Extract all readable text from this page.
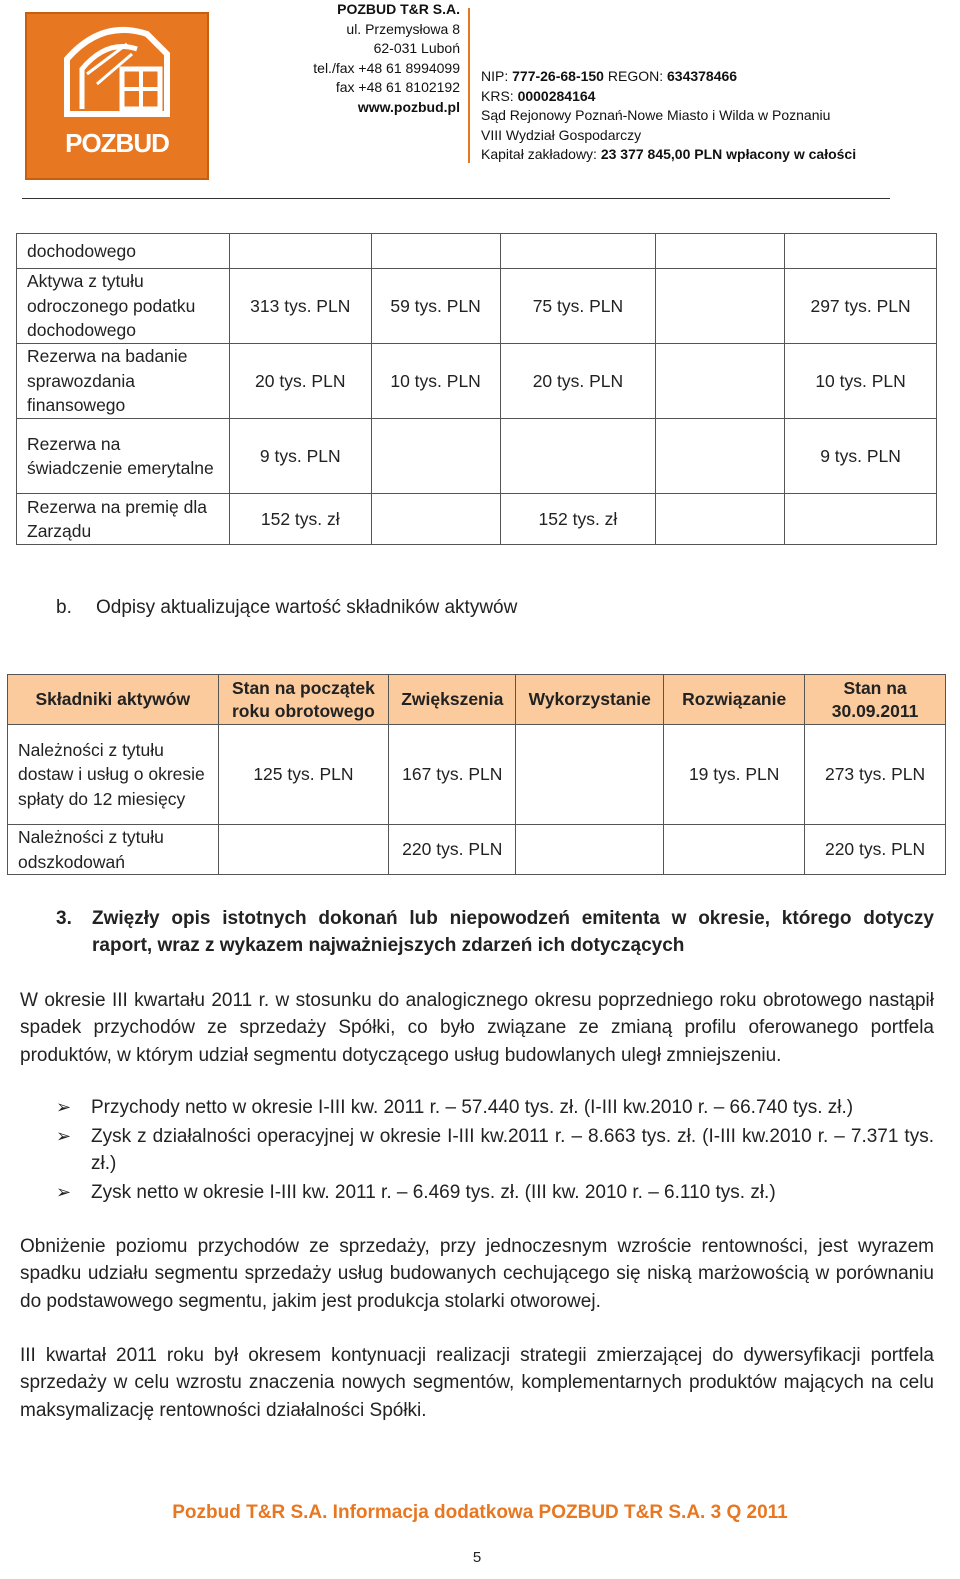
POZBUD
POZBUD T&R S.A.
ul. Przemysłowa 8
62-031 Luboń
tel./fax +48 61 8994099
fax +48 61 8102192
www.pozbud.pl
NIP: 777-26-68-150 REGON: 634378466
KRS: 0000284164
Sąd Rejonowy Poznań-Nowe Miasto i Wilda w Poznaniu
VIII Wydział Gospodarczy
Kapitał zakładowy: 23 377 845,00 PLN wpłacony w całości
dochodowego					
Aktywa z tytułu odroczonego podatku dochodowego	313 tys. PLN	59 tys. PLN	75 tys. PLN		297 tys. PLN
Rezerwa na badanie sprawozdania finansowego	20 tys. PLN	10 tys. PLN	20 tys. PLN		10 tys. PLN
Rezerwa na świadczenie emerytalne	9 tys. PLN				9 tys. PLN
Rezerwa na premię dla Zarządu	152 tys. zł		152 tys. zł		
b. Odpisy aktualizujące wartość składników aktywów
Składniki aktywów	Stan na początek roku obrotowego	Zwiększenia	Wykorzystanie	Rozwiązanie	Stan na 30.09.2011
Należności z tytułu dostaw i usług o okresie spłaty do 12 miesięcy	125 tys. PLN	167 tys. PLN		19 tys. PLN	273 tys. PLN
Należności z tytułu odszkodowań		220 tys. PLN			220 tys. PLN
3. Zwięzły opis istotnych dokonań lub niepowodzeń emitenta w okresie, którego dotyczy raport, wraz z wykazem najważniejszych zdarzeń ich dotyczących

W okresie III kwartału 2011 r. w stosunku do analogicznego okresu poprzedniego roku obrotowego nastąpił spadek przychodów ze sprzedaży Spółki, co było związane ze zmianą profilu oferowanego portfela produktów, w którym udział segmentu dotyczącego usług budowlanych uległ zmniejszeniu.

➢ Przychody netto w okresie I-III kw. 2011 r. – 57.440 tys. zł. (I-III kw.2010 r. – 66.740 tys. zł.)
➢ Zysk z działalności operacyjnej w okresie I-III kw.2011 r. – 8.663 tys. zł. (I-III kw.2010 r. – 7.371 tys. zł.)
➢ Zysk netto w okresie I-III kw. 2011 r. – 6.469 tys. zł. (III kw. 2010 r. – 6.110 tys. zł.)

Obniżenie poziomu przychodów ze sprzedaży, przy jednoczesnym wzroście rentowności, jest wyrazem spadku udziału segmentu sprzedaży usług budowanych cechującego się niską marżowością w porównaniu do podstawowego segmentu, jakim jest produkcja stolarki otworowej.

III kwartał 2011 roku był okresem kontynuacji realizacji strategii zmierzającej do dywersyfikacji portfela sprzedaży w celu wzrostu znaczenia nowych segmentów, komplementarnych produktów mających na celu maksymalizację rentowności działalności Spółki.

Pozbud T&R S.A. Informacja dodatkowa POZBUD T&R S.A. 3 Q 2011
5
